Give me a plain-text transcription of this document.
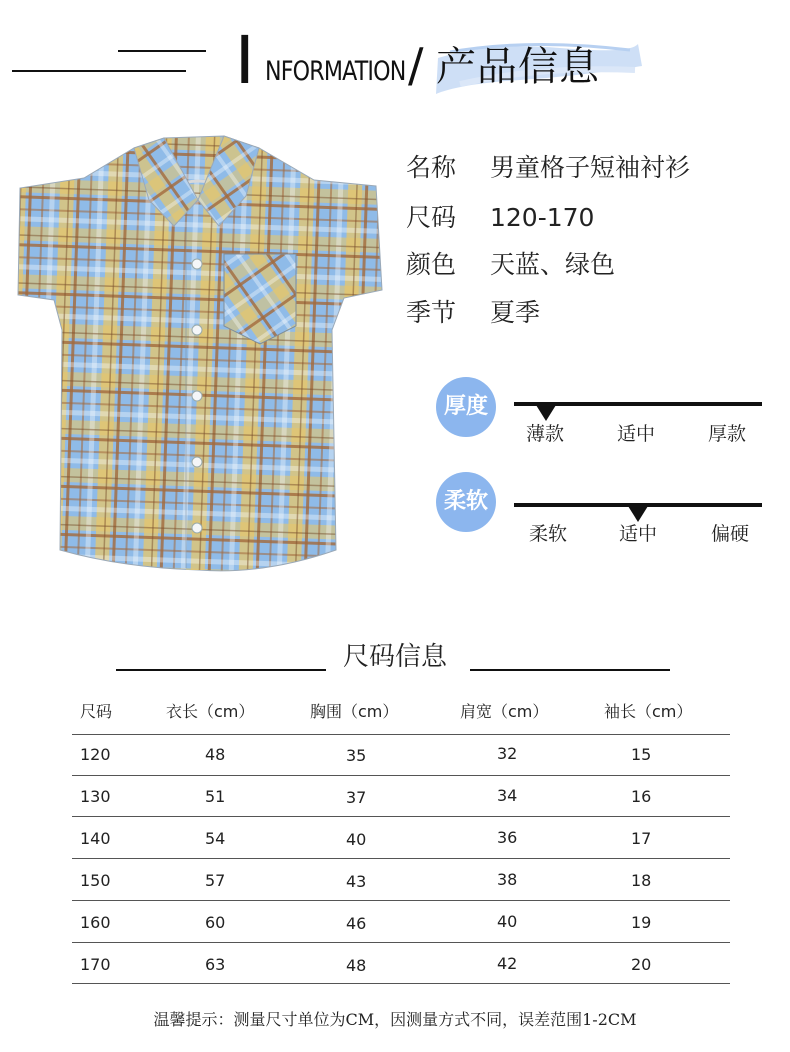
I NFORMATION / 产品信息
名称 男童格子短袖衬衫
尺码 120-170
颜色 天蓝、绿色
季节 夏季
厚度
薄款	适中	厚款
柔软
柔软	适中	偏硬
尺码信息
尺码	衣长（cm）	胸围（cm）	肩宽（cm）	袖长（cm）
120	48	35	32	15
130	51	37	34	16
140	54	40	36	17
150	57	43	38	18
160	60	46	40	19
170	63	48	42	20
温馨提示：测量尺寸单位为CM，因测量方式不同，误差范围1-2CM
